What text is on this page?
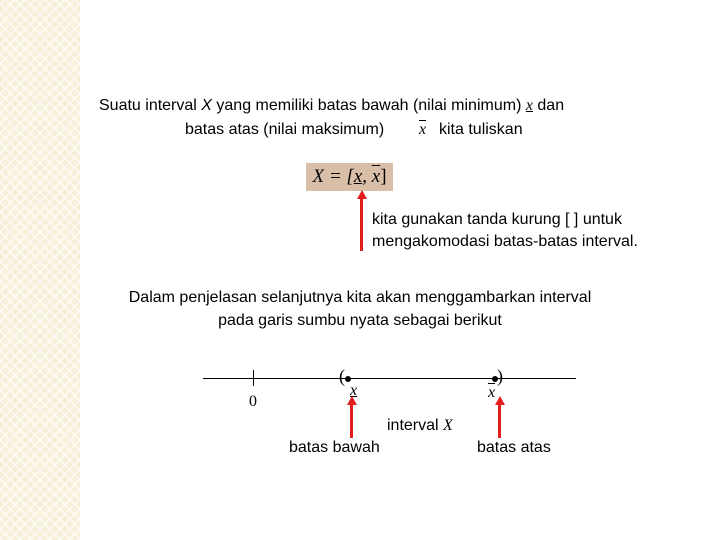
Suatu interval X yang memiliki batas bawah (nilai minimum) x dan
batas atas (nilai maksimum) $\overline{x}$ kita tuliskan
X = [x, $\overline{x}$]
kita gunakan tanda kurung [ ] untuk
mengakomodasi batas-batas interval.
Dalam penjelasan selanjutnya kita akan menggambarkan interval
pada garis sumbu nyata sebagai berikut
0
(
x
)
$\overline{x}$
interval X
batas bawah	batas atas
